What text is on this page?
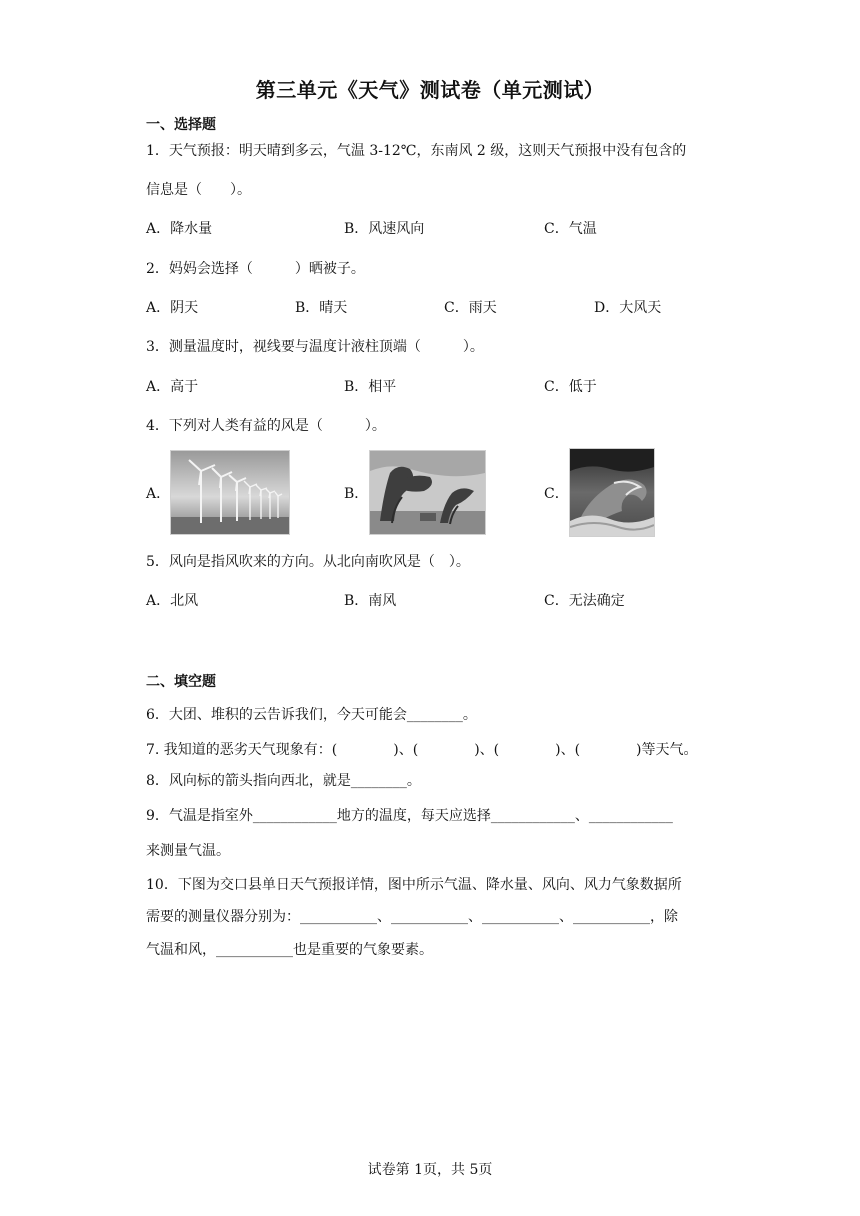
第三单元《天气》测试卷（单元测试）
一、选择题
1．天气预报：明天晴到多云，气温 3-12℃，东南风 2 级，这则天气预报中没有包含的
信息是（　　）。
A．降水量	B．风速风向	C．气温
2．妈妈会选择（　　　）晒被子。
A．阴天	B．晴天	C．雨天	D．大风天
3．测量温度时，视线要与温度计液柱顶端（　　　）。
A．高于	B．相平	C．低于
4．下列对人类有益的风是（　　　）。
A．	B．	C．
5．风向是指风吹来的方向。从北向南吹风是（　）。
A．北风	B．南风	C．无法确定
二、填空题
6．大团、堆积的云告诉我们，今天可能会________。
7. 我知道的恶劣天气现象有：(　　　　)、(　　　　)、(　　　　)、(　　　　)等天气。
8．风向标的箭头指向西北，就是________。
9．气温是指室外____________地方的温度，每天应选择____________、____________
来测量气温。
10．下图为交口县单日天气预报详情，图中所示气温、降水量、风向、风力气象数据所
需要的测量仪器分别为：___________、___________、___________、___________，除
气温和风，___________也是重要的气象要素。
试卷第 1页，共 5页
